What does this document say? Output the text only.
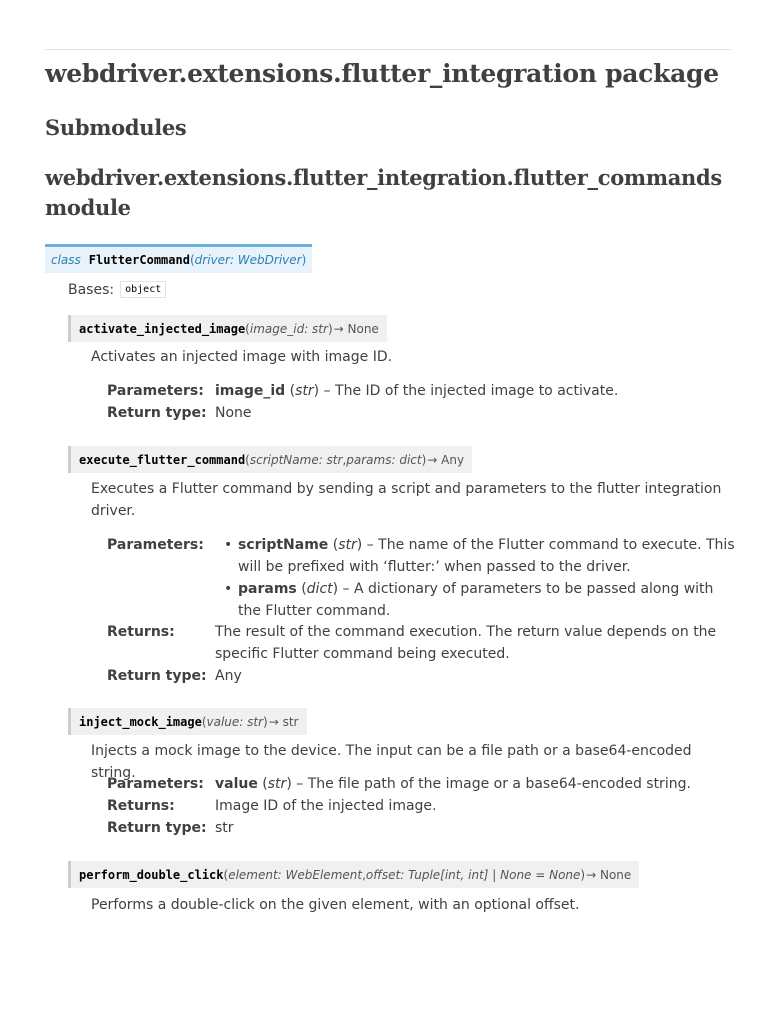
webdriver.extensions.flutter_integration package
Submodules
webdriver.extensions.flutter_integration.flutter_commands module
class FlutterCommand ( driver: WebDriver )
Bases:	object
activate_injected_image ( image_id: str ) → None
Activates an injected image with image ID.
Parameters: image_id (str) – The ID of the injected image to activate.
Return type: None
execute_flutter_command ( scriptName: str , params: dict ) → Any
Executes a Flutter command by sending a script and parameters to the flutter integration driver.
Parameters:
•	scriptName (str) – The name of the Flutter command to execute. This will be prefixed with ‘flutter:’ when passed to the driver.
• params (dict) – A dictionary of parameters to be passed along with the Flutter command.
Returns:	The result of the command execution. The return value depends on the specific Flutter command being executed.
Return type: Any
inject_mock_image ( value: str ) → str
Injects a mock image to the device. The input can be a file path or a base64-encoded string.
Parameters: value (str) – The file path of the image or a base64-encoded string.
Returns:	Image ID of the injected image.
Return type: str
perform_double_click ( element: WebElement , offset: Tuple[int, int] | None = None ) → None
Performs a double-click on the given element, with an optional offset.
